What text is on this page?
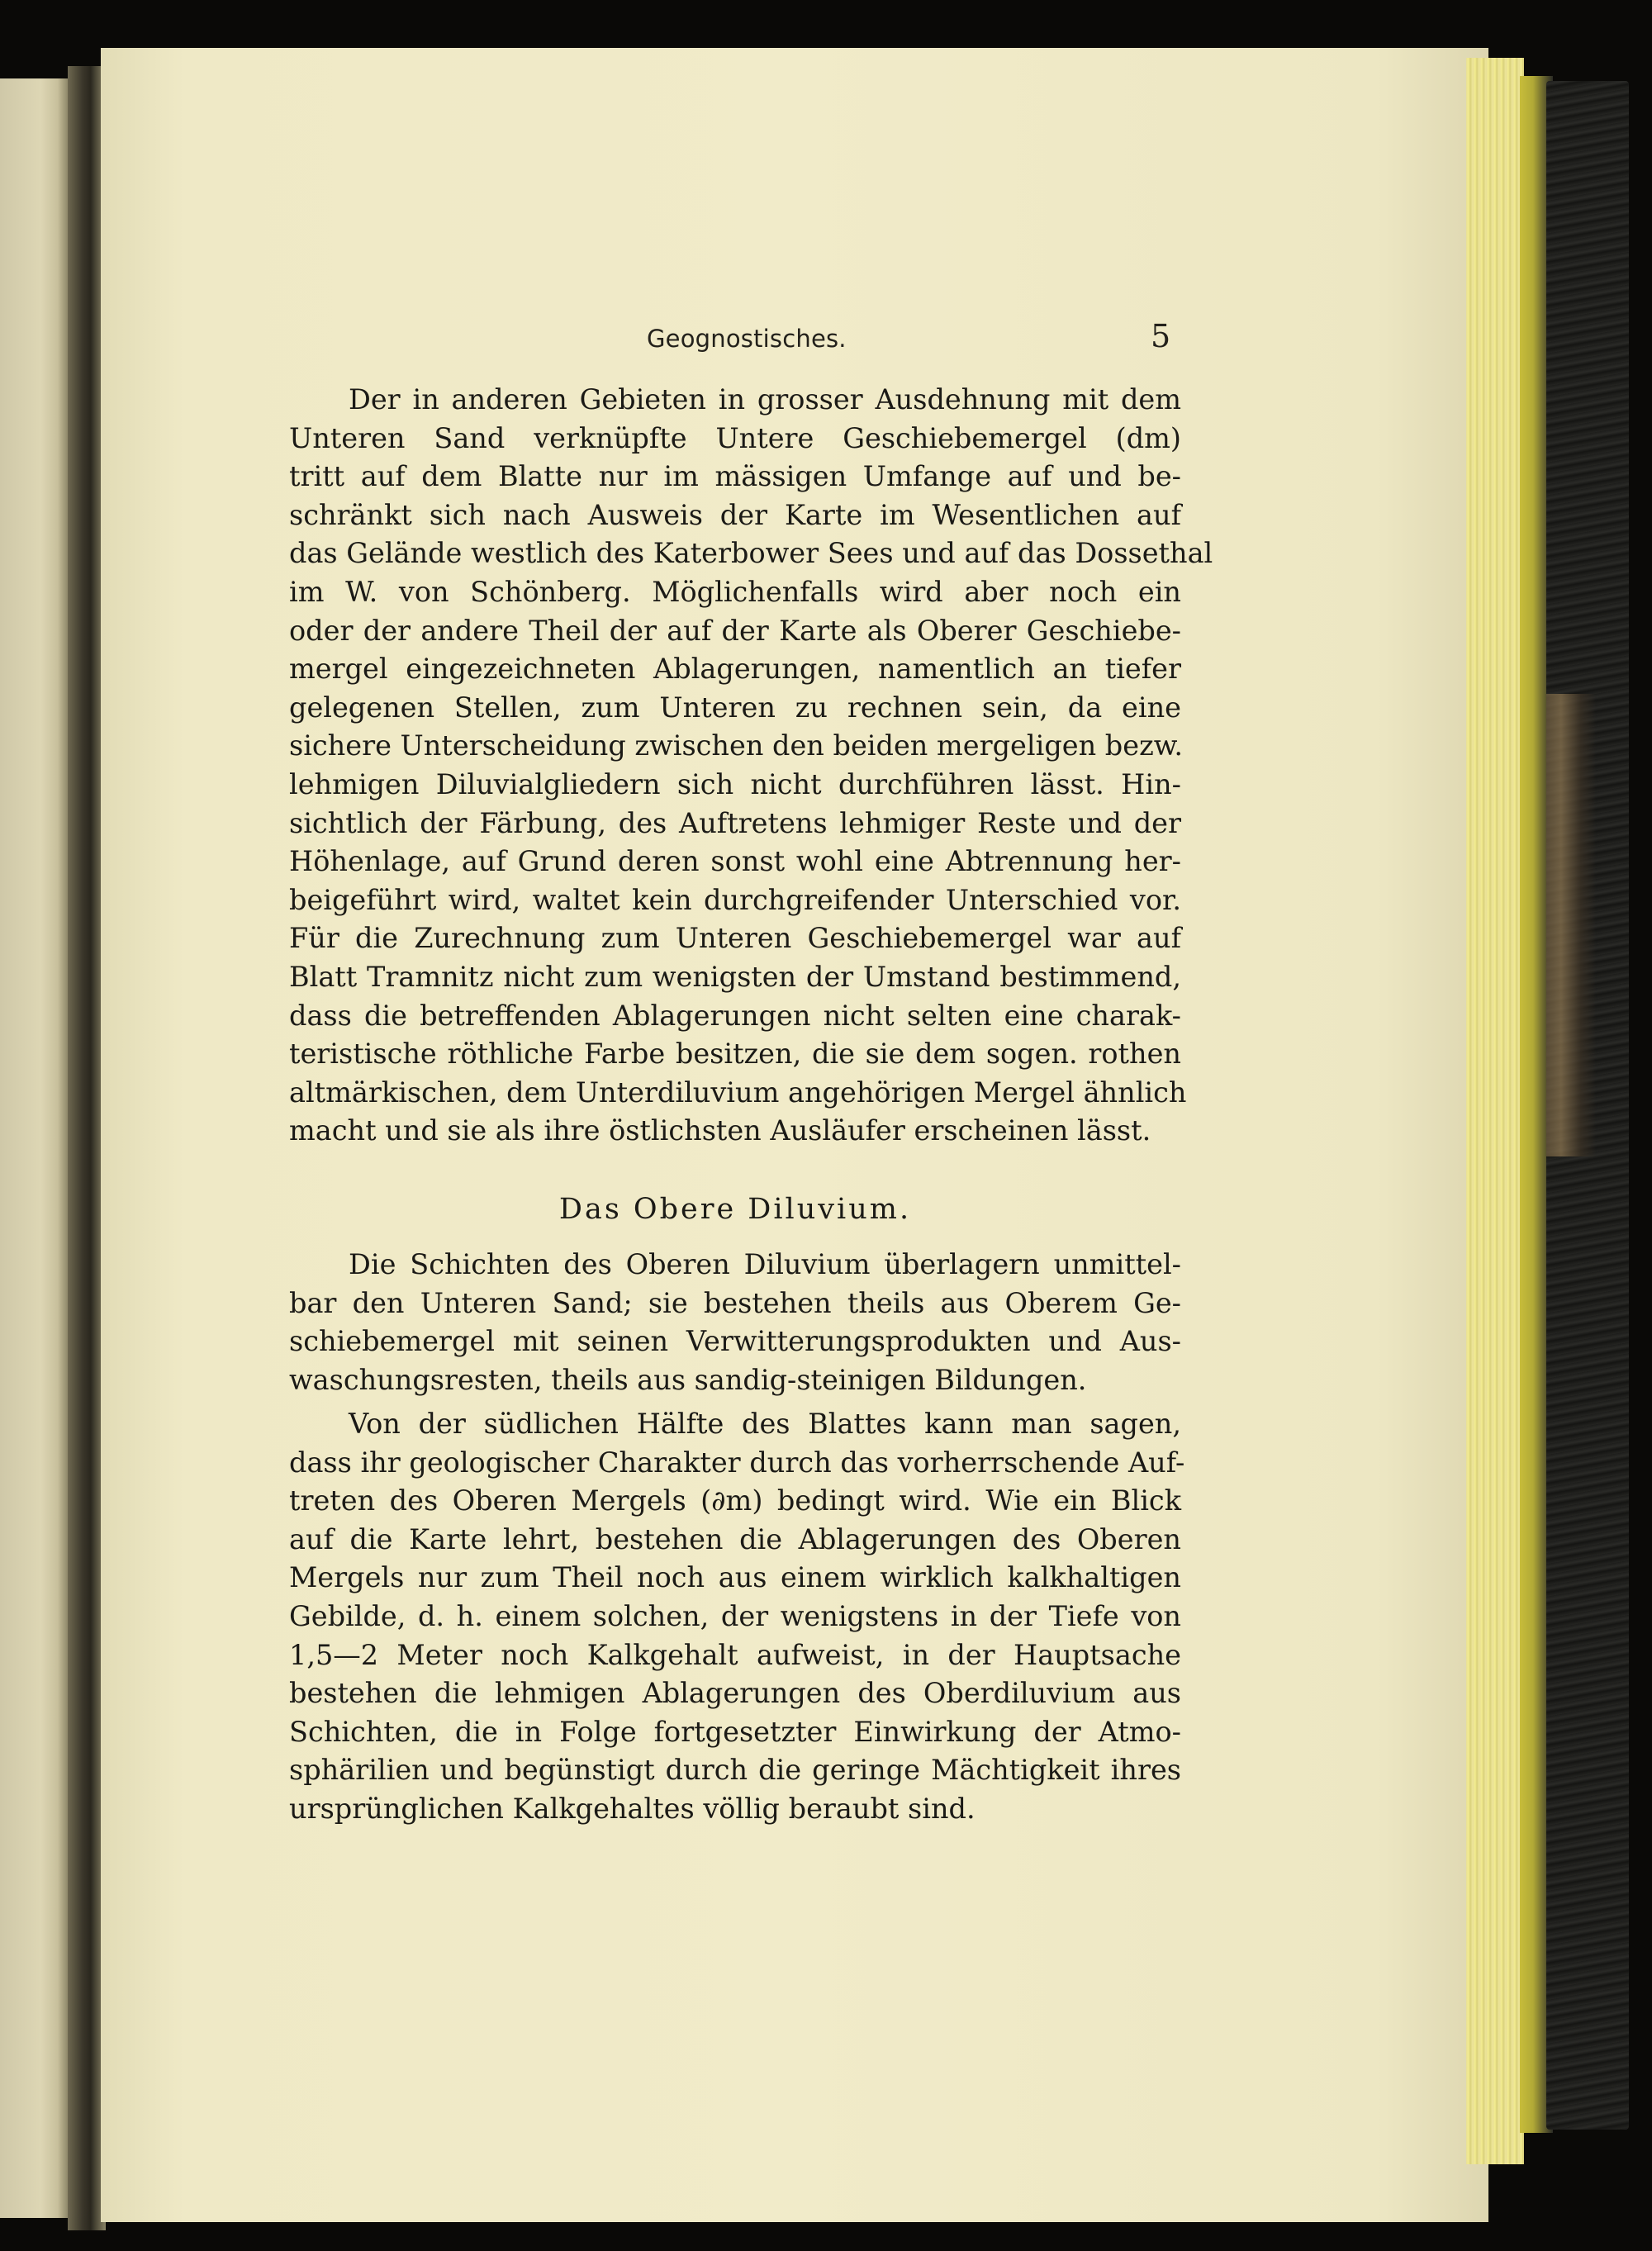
Geognostisches.	5
Der in anderen Gebieten in grosser Ausdehnung mit dem
Unteren Sand verknüpfte Untere Geschiebemergel (dm)
tritt auf dem Blatte nur im mässigen Umfange auf und be-
schränkt sich nach Ausweis der Karte im Wesentlichen auf
das Gelände westlich des Katerbower Sees und auf das Dossethal
im W. von Schönberg. Möglichenfalls wird aber noch ein
oder der andere Theil der auf der Karte als Oberer Geschiebe-
mergel eingezeichneten Ablagerungen, namentlich an tiefer
gelegenen Stellen, zum Unteren zu rechnen sein, da eine
sichere Unterscheidung zwischen den beiden mergeligen bezw.
lehmigen Diluvialgliedern sich nicht durchführen lässt. Hin-
sichtlich der Färbung, des Auftretens lehmiger Reste und der
Höhenlage, auf Grund deren sonst wohl eine Abtrennung her-
beigeführt wird, waltet kein durchgreifender Unterschied vor.
Für die Zurechnung zum Unteren Geschiebemergel war auf
Blatt Tramnitz nicht zum wenigsten der Umstand bestimmend,
dass die betreffenden Ablagerungen nicht selten eine charak-
teristische röthliche Farbe besitzen, die sie dem sogen. rothen
altmärkischen, dem Unterdiluvium angehörigen Mergel ähnlich
macht und sie als ihre östlichsten Ausläufer erscheinen lässt.
Das Obere Diluvium.
Die Schichten des Oberen Diluvium überlagern unmittel-
bar den Unteren Sand; sie bestehen theils aus Oberem Ge-
schiebemergel mit seinen Verwitterungsprodukten und Aus-
waschungsresten, theils aus sandig-steinigen Bildungen.
Von der südlichen Hälfte des Blattes kann man sagen,
dass ihr geologischer Charakter durch das vorherrschende Auf-
treten des Oberen Mergels (∂m) bedingt wird. Wie ein Blick
auf die Karte lehrt, bestehen die Ablagerungen des Oberen
Mergels nur zum Theil noch aus einem wirklich kalkhaltigen
Gebilde, d. h. einem solchen, der wenigstens in der Tiefe von
1,5—2 Meter noch Kalkgehalt aufweist, in der Hauptsache
bestehen die lehmigen Ablagerungen des Oberdiluvium aus
Schichten, die in Folge fortgesetzter Einwirkung der Atmo-
sphärilien und begünstigt durch die geringe Mächtigkeit ihres
ursprünglichen Kalkgehaltes völlig beraubt sind.
